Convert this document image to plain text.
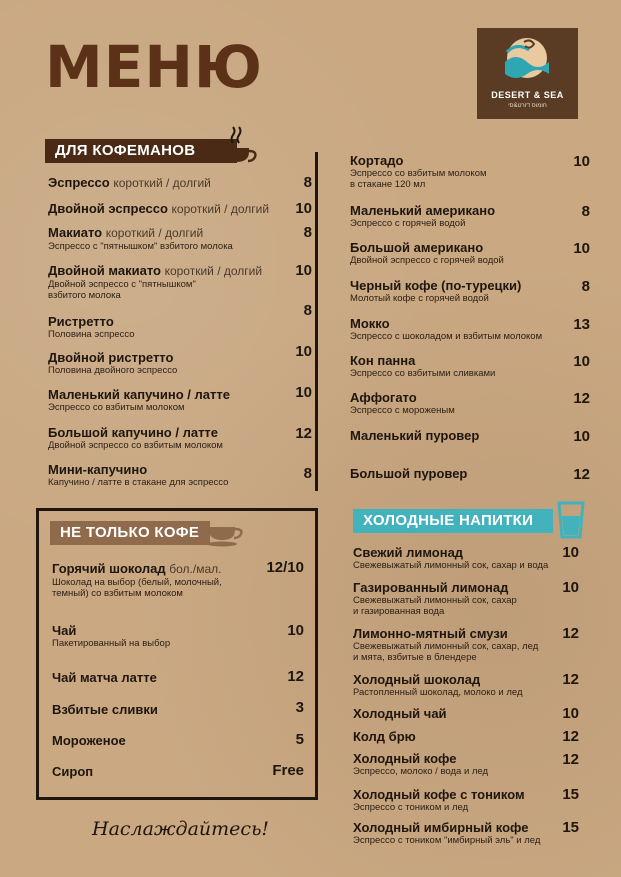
МЕНЮ	DESERT & SEA
חומוס דזרט&סי
ДЛЯ КОФЕМАНОВ
НЕ ТОЛЬКО КОФЕ
ХОЛОДНЫЕ НАПИТКИ
Эспрессо короткий / долгий	8
Двойной эспрессо короткий / долгий	10
Макиато короткий / долгий
Эспрессо с "пятнышком" взбитого молока
8
Двойной макиато короткий / долгий
Двойной эспрессо с "пятнышком"
взбитого молока
10
Ристретто
Половина эспрессо
8
Двойной ристретто
Половина двойного эспрессо
10
Маленький капучино / латте
Эспрессо со взбитым молоком
10
Большой капучино / латте
Двойной эспрессо со взбитым молоком
12
Мини-капучино
Капучино / латте в стакане для эспрессо
8
Кортадо
Эспрессо со взбитым молоком
в стакане 120 мл
10
Маленький американо
Эспрессо с горячей водой
8
Большой американо
Двойной эспрессо с горячей водой
10
Черный кофе (по-турецки)
Молотый кофе с горячей водой
8
Мокко
Эспрессо с шоколадом и взбитым молоком
13
Кон панна
Эспрессо со взбитыми сливками
10
Аффогато
Эспрессо с мороженым
12
Маленький пуровер	10
Большой пуровер	12
Горячий шоколад бол./мал.
Шоколад на выбор (белый, молочный,
темный) со взбитым молоком
12/10
Чай
Пакетированный на выбор
10
Чай матча латте	12
Взбитые сливки	3
Мороженое	5
Сироп	Free
Свежий лимонад
Свежевыжатый лимонный сок, сахар и вода
10
Газированный лимонад
Свежевыжатый лимонный сок, сахар
и газированная вода
10
Лимонно-мятный смузи
Свежевыжатый лимонный сок, сахар, лед
и мята, взбитые в блендере
12
Холодный шоколад
Растопленный шоколад, молоко и лед
12
Холодный чай	10
Колд брю	12
Холодный кофе
Эспрессо, молоко / вода и лед
12
Холодный кофе с тоником
Эспрессо с тоником и лед
15
Холодный имбирный кофе
Эспрессо с тоником "имбирный эль" и лед
15
Наслаждайтесь!
